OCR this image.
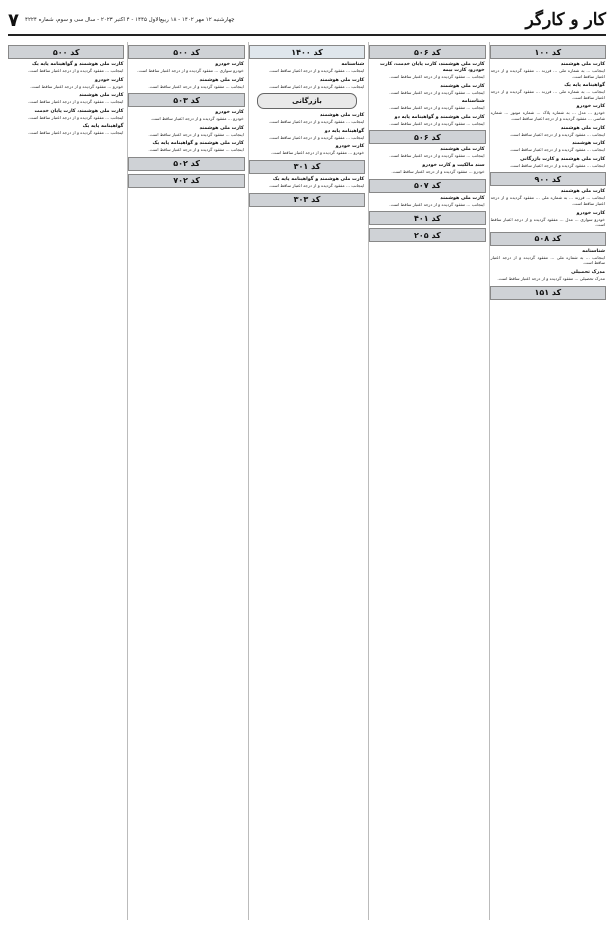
کار و کارگر
چهارشنبه ۱۲ مهر ۱۴۰۲ - ۱۸ ربیع‌الاول ۱۴۴۵ - ۴ اکتبر ۲۰۲۳ - سال سی و سوم، شماره ۴۲۲۴
۷
کد ۱۰۰
کارت ملی هوشمند
اینجانب ... به شماره ملی ... فرزند ... مفقود گردیده و از درجه اعتبار ساقط است.
گواهینامه پایه یک
اینجانب ... به شماره ملی ... فرزند ... مفقود گردیده و از درجه اعتبار ساقط است.
کارت خودرو
خودرو ... مدل ... به شماره پلاک ... شماره موتور ... شماره شاسی ... مفقود گردیده و از درجه اعتبار ساقط است.
کارت ملی هوشمند
اینجانب ... مفقود گردیده و از درجه اعتبار ساقط است.
کارت هوشمند
اینجانب ... مفقود گردیده و از درجه اعتبار ساقط است.
کارت ملی هوشمند و کارت بازرگانی
اینجانب ... مفقود گردیده و از درجه اعتبار ساقط است.
کد ۹۰۰
کارت ملی هوشمند
اینجانب ... فرزند ... به شماره ملی ... مفقود گردیده و از درجه اعتبار ساقط است.
کارت خودرو
خودرو سواری ... مدل ... مفقود گردیده و از درجه اعتبار ساقط است.
کد ۵۰۸
شناسنامه
اینجانب ... به شماره ملی ... مفقود گردیده و از درجه اعتبار ساقط است.
مدرک تحصیلی
مدرک تحصیلی ... مفقود گردیده و از درجه اعتبار ساقط است.
کد ۱۵۱
کد ۵۰۶
کارت ملی هوشمند، کارت پایان خدمت، کارت خودرو، کارت بیمه
اینجانب ... مفقود گردیده و از درجه اعتبار ساقط است.
کارت ملی هوشمند
اینجانب ... مفقود گردیده و از درجه اعتبار ساقط است.
شناسنامه
اینجانب ... مفقود گردیده و از درجه اعتبار ساقط است.
کارت ملی هوشمند و گواهینامه پایه دو
اینجانب ... مفقود گردیده و از درجه اعتبار ساقط است.
کد ۵۰۶
کارت ملی هوشمند
اینجانب ... مفقود گردیده و از درجه اعتبار ساقط است.
سند مالکیت و کارت خودرو
خودرو ... مفقود گردیده و از درجه اعتبار ساقط است.
کد ۵۰۷
کارت ملی هوشمند
اینجانب ... مفقود گردیده و از درجه اعتبار ساقط است.
کد ۴۰۱
کد ۲۰۵
کد ۱۴۰۰
شناسنامه
اینجانب ... مفقود گردیده و از درجه اعتبار ساقط است.
کارت ملی هوشمند
اینجانب ... مفقود گردیده و از درجه اعتبار ساقط است.
بازرگانی
کارت ملی هوشمند
اینجانب ... مفقود گردیده و از درجه اعتبار ساقط است.
گواهینامه پایه دو
اینجانب ... مفقود گردیده و از درجه اعتبار ساقط است.
کارت خودرو
خودرو ... مفقود گردیده و از درجه اعتبار ساقط است.
کد ۳۰۱
کارت ملی هوشمند و گواهینامه پایه یک
اینجانب ... مفقود گردیده و از درجه اعتبار ساقط است.
کد ۳۰۳
کد ۵۰۰
کارت خودرو
خودرو سواری ... مفقود گردیده و از درجه اعتبار ساقط است.
کارت ملی هوشمند
اینجانب ... مفقود گردیده و از درجه اعتبار ساقط است.
کد ۵۰۳
کارت خودرو
خودرو ... مفقود گردیده و از درجه اعتبار ساقط است.
کارت ملی هوشمند
اینجانب ... مفقود گردیده و از درجه اعتبار ساقط است.
کارت ملی هوشمند و گواهینامه پایه یک
اینجانب ... مفقود گردیده و از درجه اعتبار ساقط است.
کد ۵۰۲
کد ۷۰۲
کد ۵۰۰
کارت ملی هوشمند و گواهینامه پایه یک
اینجانب ... مفقود گردیده و از درجه اعتبار ساقط است.
کارت خودرو
خودرو ... مفقود گردیده و از درجه اعتبار ساقط است.
کارت ملی هوشمند
اینجانب ... مفقود گردیده و از درجه اعتبار ساقط است.
کارت ملی هوشمند، کارت پایان خدمت
اینجانب ... مفقود گردیده و از درجه اعتبار ساقط است.
گواهینامه پایه یک
اینجانب ... مفقود گردیده و از درجه اعتبار ساقط است.
